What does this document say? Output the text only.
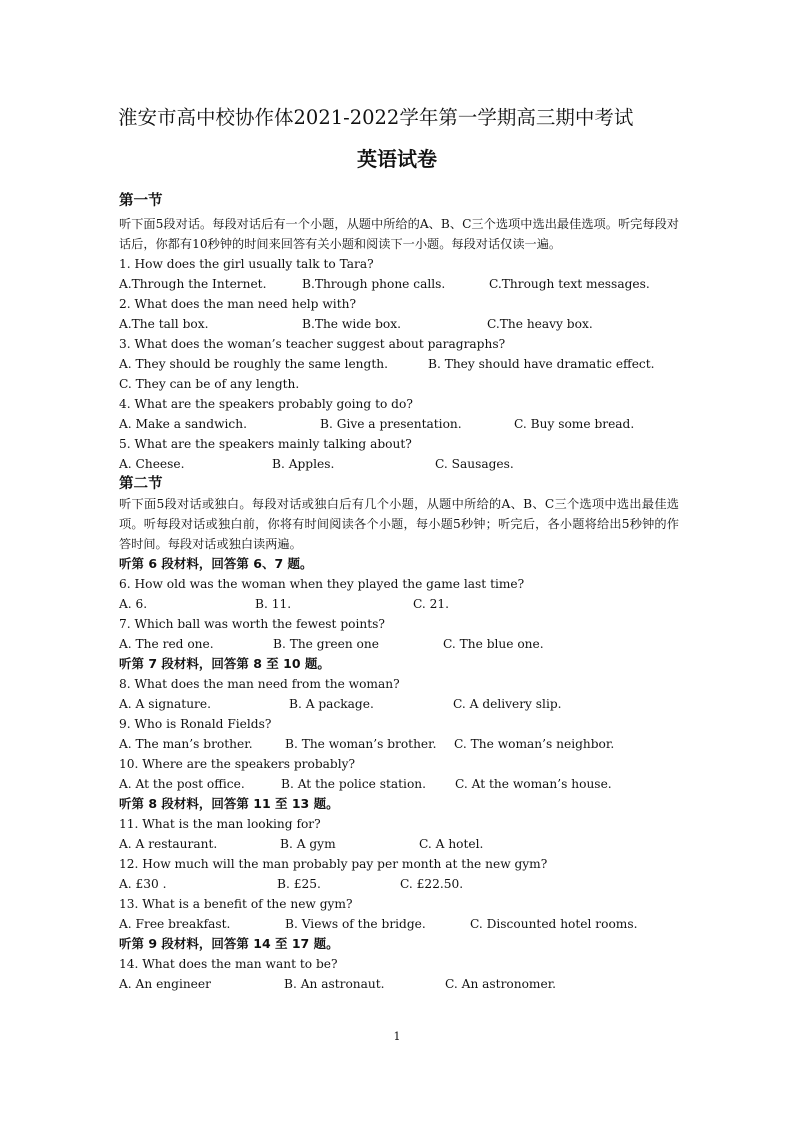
淮安市高中校协作体2021-2022学年第一学期高三期中考试
英语试卷
第一节

听下面5段对话。每段对话后有一个小题，从题中所给的A、B、C三个选项中选出最佳选项。听完每段对话后，你都有10秒钟的时间来回答有关小题和阅读下一小题。每段对话仅读一遍。

1. How does the girl usually talk to Tara?
A.Through the Internet.	B.Through phone calls.	C.Through text messages.
2. What does the man need help with?
A.The tall box.	B.The wide box.	C.The heavy box.
3. What does the woman’s teacher suggest about paragraphs?
A. They should be roughly the same length.	B. They should have dramatic effect.
C. They can be of any length.
4. What are the speakers probably going to do?
A. Make a sandwich.	B. Give a presentation.	C. Buy some bread.
5. What are the speakers mainly talking about?
A. Cheese.	B. Apples.	C. Sausages.
第二节

听下面5段对话或独白。每段对话或独白后有几个小题，从题中所给的A、B、C三个选项中选出最佳选项。听每段对话或独白前，你将有时间阅读各个小题，每小题5秒钟；听完后，各小题将给出5秒钟的作答时间。每段对话或独白读两遍。

听第 6 段材料，回答第 6、7 题。
6. How old was the woman when they played the game last time?
A. 6.	B. 11.	C. 21.
7. Which ball was worth the fewest points?
A. The red one.	B. The green one	C. The blue one.
听第 7 段材料，回答第 8 至 10 题。
8. What does the man need from the woman?
A. A signature.	B. A package.	C. A delivery slip.
9. Who is Ronald Fields?
A. The man’s brother.	B. The woman’s brother. C. The woman’s neighbor.
10. Where are the speakers probably?
A. At the post office.	B. At the police station. C. At the woman’s house.
听第 8 段材料，回答第 11 至 13 题。
11. What is the man looking for?
A. A restaurant.	B. A gym	C. A hotel.
12. How much will the man probably pay per month at the new gym?
A. £30 .	B. £25.	C. £22.50.
13. What is a benefit of the new gym?
A. Free breakfast.	B. Views of the bridge.	C. Discounted hotel rooms.
听第 9 段材料，回答第 14 至 17 题。
14. What does the man want to be?
A. An engineer	B. An astronaut.	C. An astronomer.
1
